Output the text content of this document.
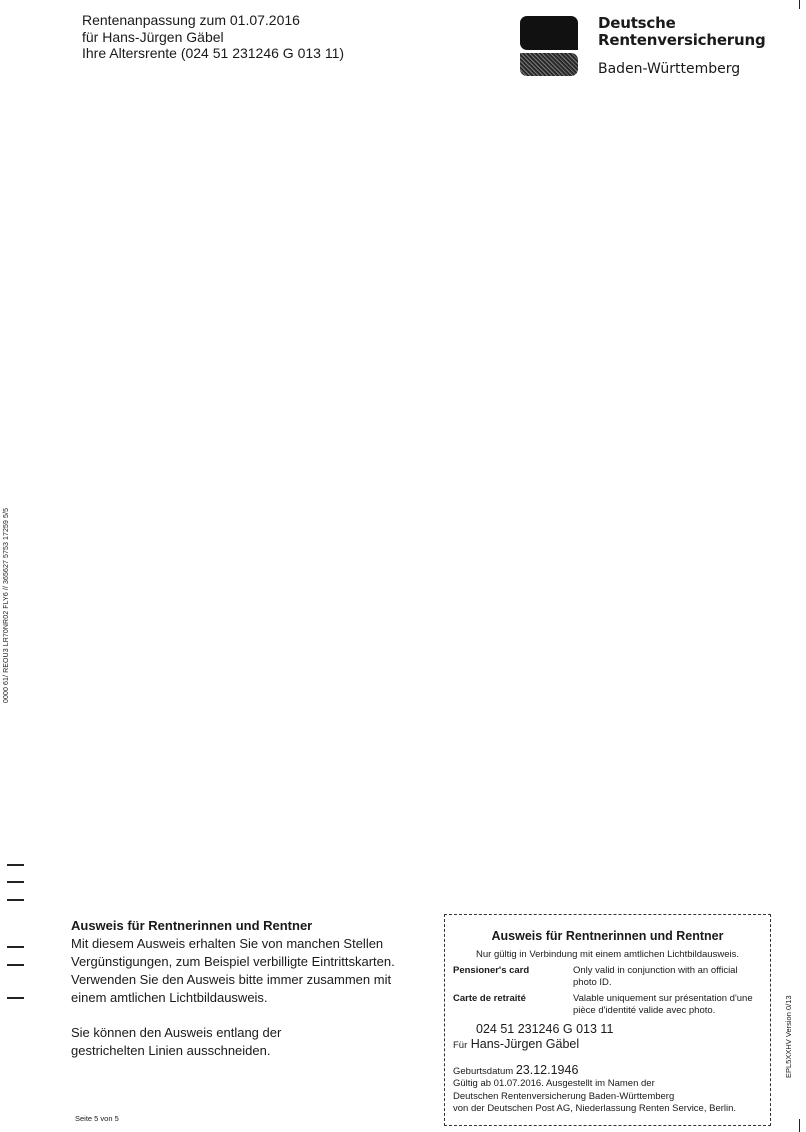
Rentenanpassung zum 01.07.2016
für Hans-Jürgen Gäbel
Ihre Altersrente (024 51 231246 G 013 11)
Deutsche
Rentenversicherung
Baden-Württemberg
0000 61/ REOU3 LR70NR02 FLY6 // 365627 5753 17259 5/5
Ausweis für Rentnerinnen und Rentner
Mit diesem Ausweis erhalten Sie von manchen Stellen
Vergünstigungen, zum Beispiel verbilligte Eintrittskarten.
Verwenden Sie den Ausweis bitte immer zusammen mit
einem amtlichen Lichtbildausweis.
Sie können den Ausweis entlang der
gestrichelten Linien ausschneiden.
Seite 5 von 5
Ausweis für Rentnerinnen und Rentner
Nur gültig in Verbindung mit einem amtlichen Lichtbildausweis.
Pensioner's card	Only valid in conjunction with an official photo ID.
Carte de retraité	Valable uniquement sur présentation d'une pièce d'identité valide avec photo.
024 51 231246 G 013 11
Für Hans-Jürgen Gäbel
Geburtsdatum 23.12.1946
Gültig ab 01.07.2016. Ausgestellt im Namen der
Deutschen Rentenversicherung Baden-Württemberg
von der Deutschen Post AG, Niederlassung Renten Service, Berlin.
EPL5XXHV Version 0/13
